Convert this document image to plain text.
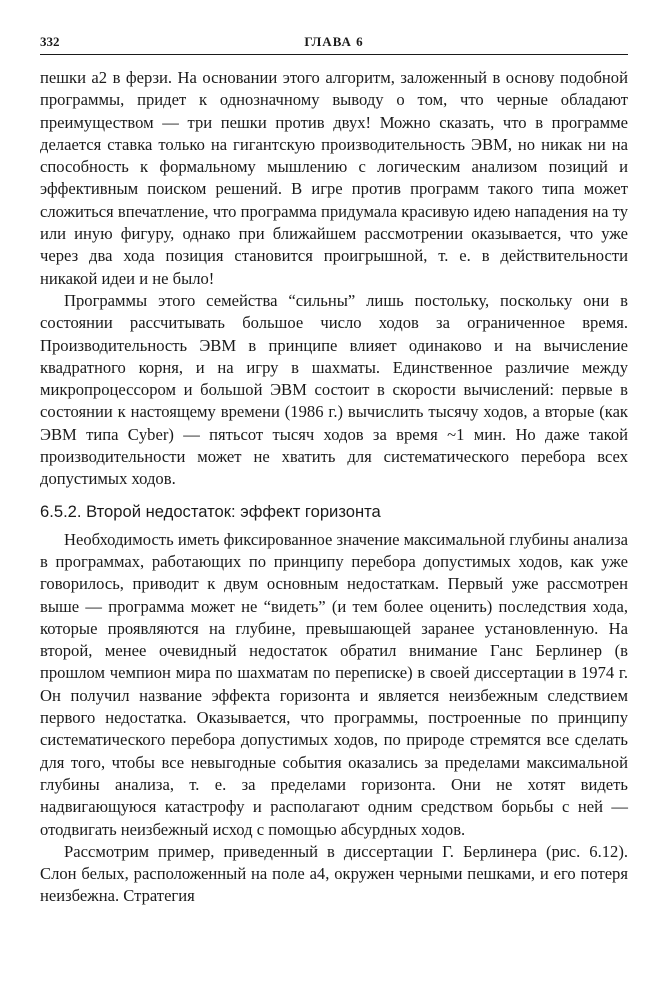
332	ГЛАВА 6

пешки а2 в ферзи. На основании этого алгоритм, заложенный в основу подобной программы, придет к однозначному выводу о том, что черные обладают преимуществом — три пешки против двух! Можно сказать, что в программе делается ставка только на гигантскую производительность ЭВМ, но никак ни на способность к формальному мышлению с логическим анализом позиций и эффективным поиском решений. В игре против программ такого типа может сложиться впечатление, что программа придумала красивую идею нападения на ту или иную фигуру, однако при ближайшем рассмотрении оказывается, что уже через два хода позиция становится проигрышной, т. е. в действительности никакой идеи и не было!

Программы этого семейства “сильны” лишь постольку, поскольку они в состоянии рассчитывать большое число ходов за ограниченное время. Производительность ЭВМ в принципе влияет одинаково и на вычисление квадратного корня, и на игру в шахматы. Единственное различие между микропроцессором и большой ЭВМ состоит в скорости вычислений: первые в состоянии к настоящему времени (1986 г.) вычислить тысячу ходов, а вторые (как ЭВМ типа Cyber) — пятьсот тысяч ходов за время ~1 мин. Но даже такой производительности может не хватить для систематического перебора всех допустимых ходов.

6.5.2. Второй недостаток: эффект горизонта

Необходимость иметь фиксированное значение максимальной глубины анализа в программах, работающих по принципу перебора допустимых ходов, как уже говорилось, приводит к двум основным недостаткам. Первый уже рассмотрен выше — программа может не “видеть” (и тем более оценить) последствия хода, которые проявляются на глубине, превышающей заранее установленную. На второй, менее очевидный недостаток обратил внимание Ганс Берлинер (в прошлом чемпион мира по шахматам по переписке) в своей диссертации в 1974 г. Он получил название эффекта горизонта и является неизбежным следствием первого недостатка. Оказывается, что программы, построенные по принципу систематического перебора допустимых ходов, по природе стремятся все сделать для того, чтобы все невыгодные события оказались за пределами максимальной глубины анализа, т. е. за пределами горизонта. Они не хотят видеть надвигающуюся катастрофу и располагают одним средством борьбы с ней — отодвигать неизбежный исход с помощью абсурдных ходов.

Рассмотрим пример, приведенный в диссертации Г. Берлинера (рис. 6.12). Слон белых, расположенный на поле а4, окружен черными пешками, и его потеря неизбежна. Стратегия
